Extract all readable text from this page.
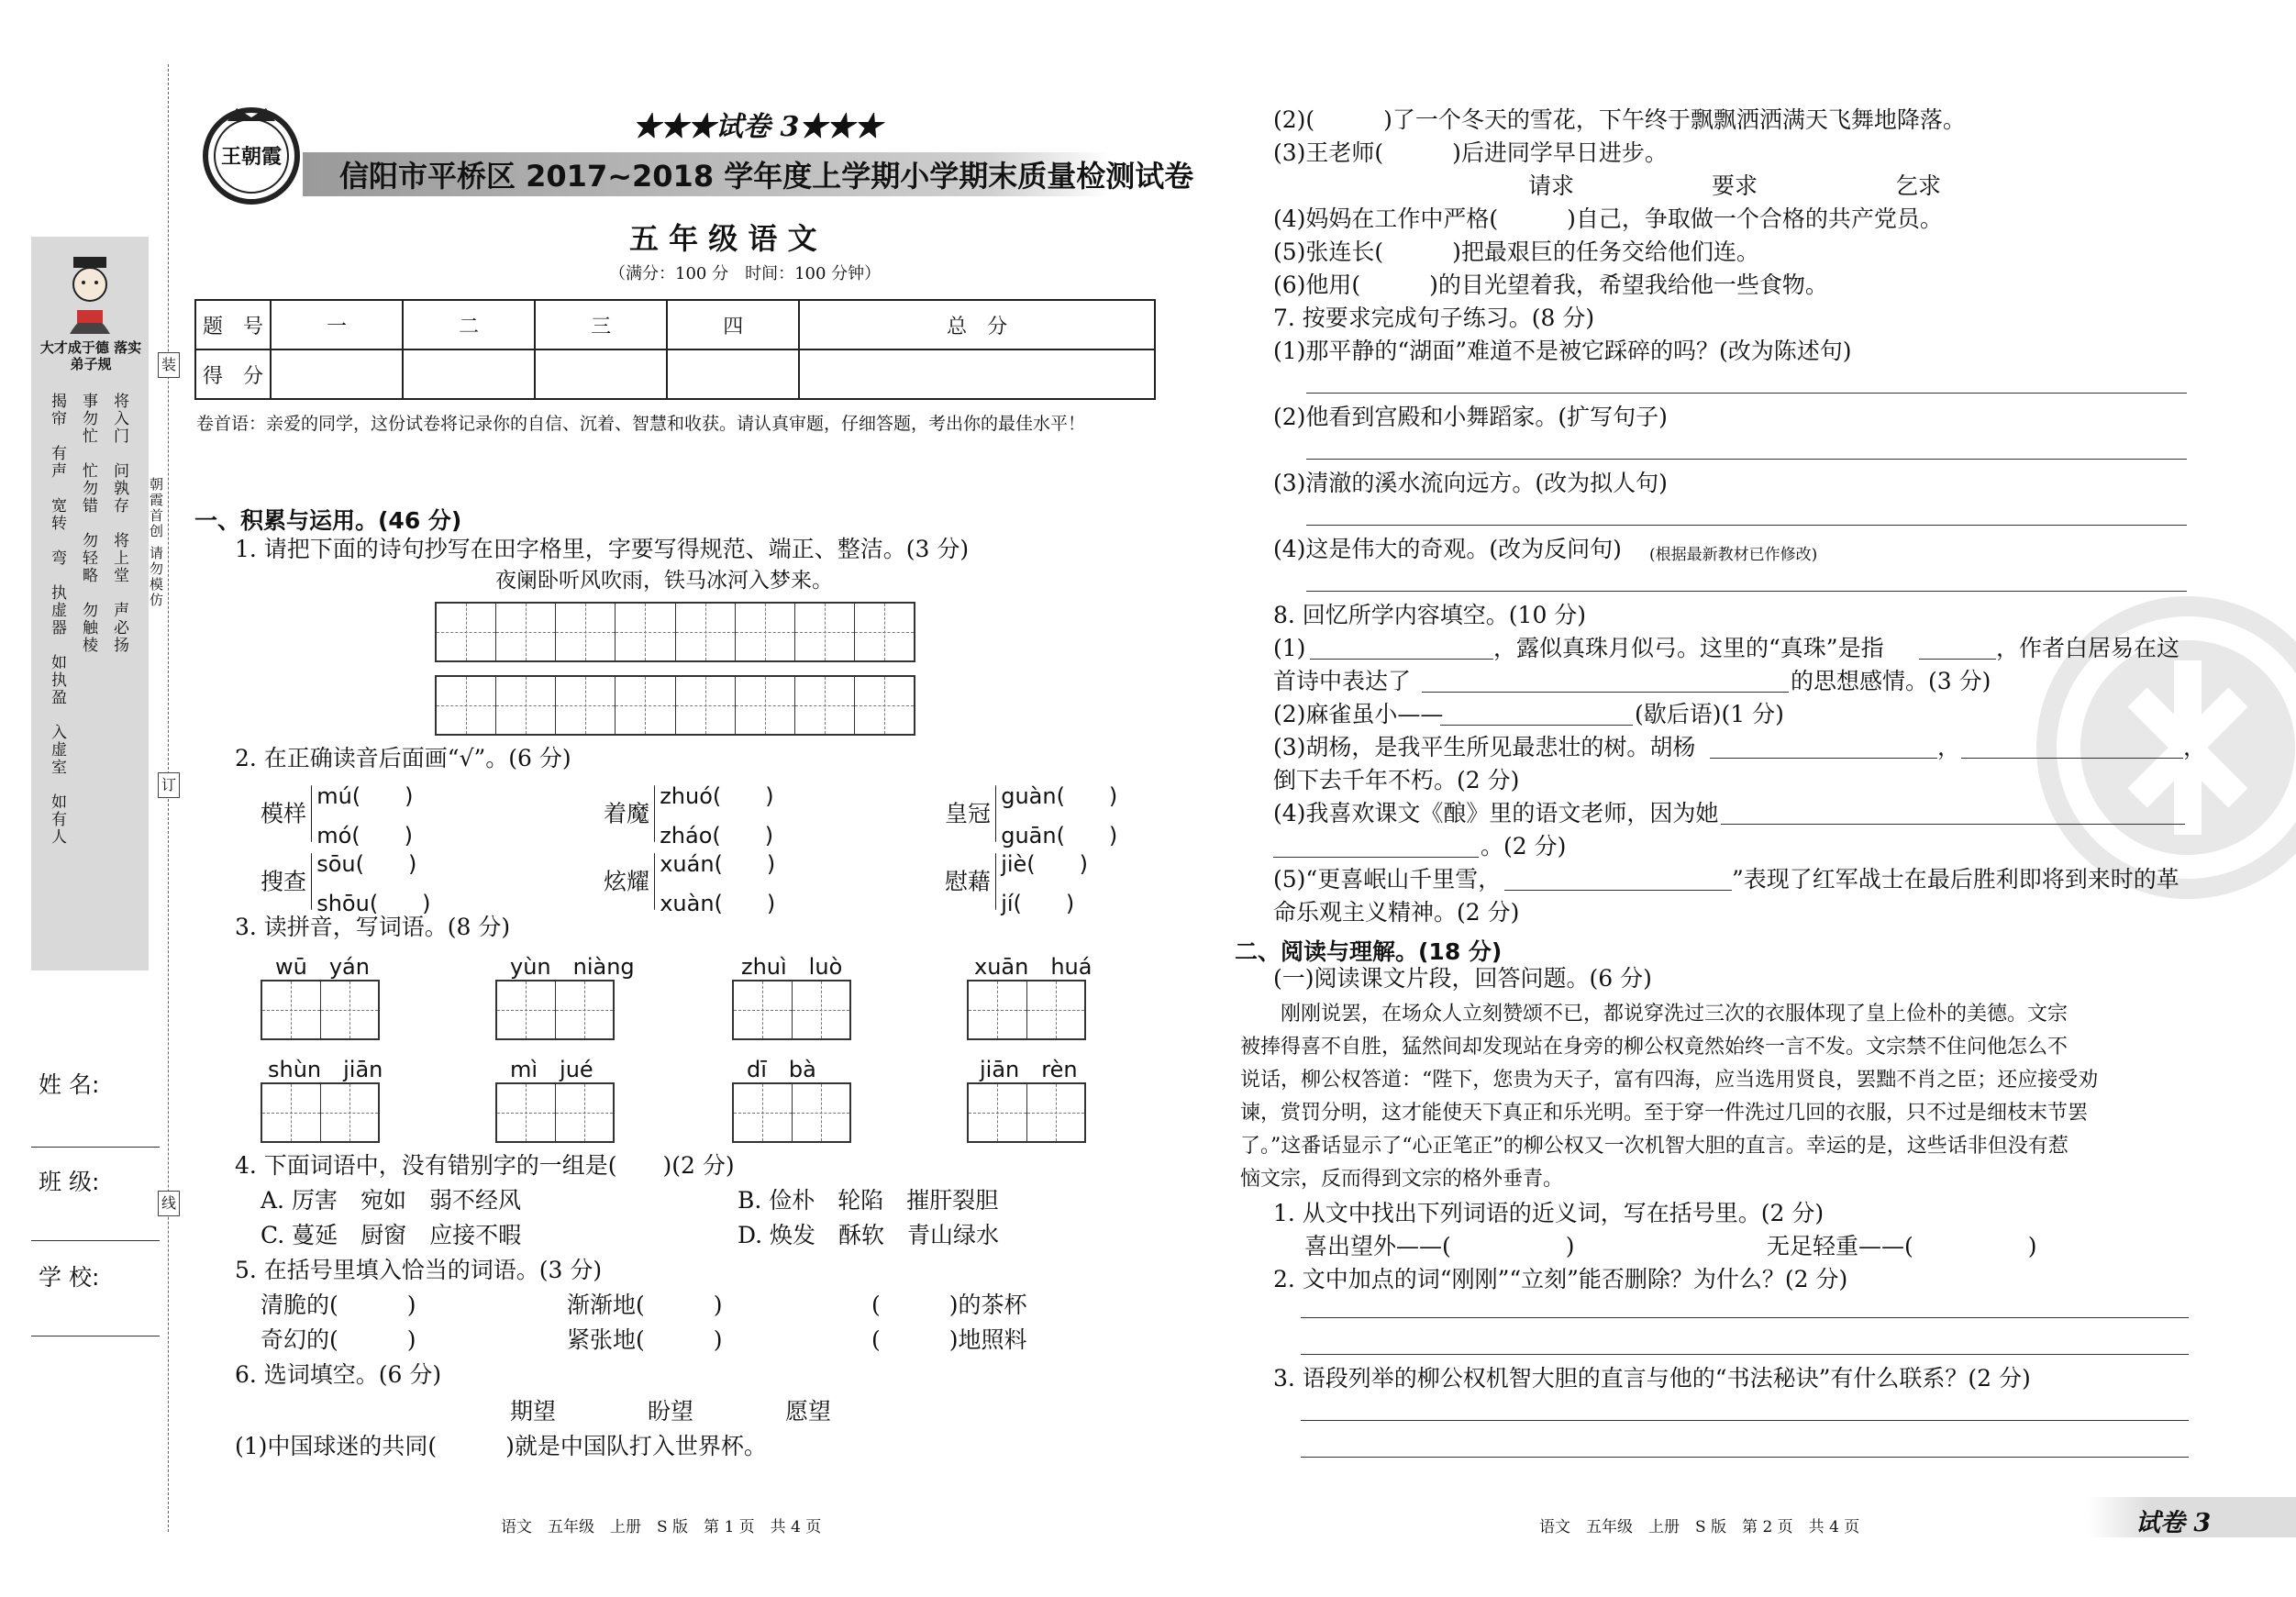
大才成于德 落实弟子规
将入门　问孰存　将上堂　声必扬
事勿忙　忙勿错　勿轻略　勿触棱
揭帘　有声　宽转　弯　执虚器　如执盈　入虚室　如有人
姓 名:
班 级:
学 校:
装
订
线
朝霞首创 请勿模仿
王朝霞
★★★试卷 3★★★
信阳市平桥区 2017~2018 学年度上学期小学期末质量检测试卷
五 年 级 语 文
（满分：100 分　时间：100 分钟）
题　号	一	二	三	四	总　分
得　分					
卷首语：亲爱的同学，这份试卷将记录你的自信、沉着、智慧和收获。请认真审题，仔细答题，考出你的最佳水平！
一、积累与运用。(46 分)
1. 请把下面的诗句抄写在田字格里，字要写得规范、端正、整洁。(3 分)
夜阑卧听风吹雨，铁马冰河入梦来。
2. 在正确读音后面画“√”。(6 分)
模样
mú(　　)
mó(　　)
着魔
zhuó(　　)
zháo(　　)
皇冠
guàn(　　)
guān(　　)
搜查
sōu(　　)
shōu(　　)
炫耀
xuán(　　)
xuàn(　　)
慰藉
jiè(　　)
jí(　　)
3. 读拼音，写词语。(8 分)
wū　yán	yùn　niàng	zhuì　luò	xuān　huá
shùn　jiān	mì　jué	dī　bà	jiān　rèn
4. 下面词语中，没有错别字的一组是(　　)(2 分)
A. 厉害　宛如　弱不经风	B. 俭朴　轮陷　摧肝裂胆
C. 蔓延　厨窗　应接不暇	D. 焕发　酥软　青山绿水
5. 在括号里填入恰当的词语。(3 分)
清脆的(　　　)	渐渐地(　　　)	(　　　)的茶杯
奇幻的(　　　)	紧张地(　　　)	(　　　)地照料
6. 选词填空。(6 分)
期望　　　　盼望　　　　愿望
(1)中国球迷的共同(　　　)就是中国队打入世界杯。
语文　五年级　上册　S 版　第 1 页　共 4 页
(2)(　　　)了一个冬天的雪花，下午终于飘飘洒洒满天飞舞地降落。
(3)王老师(　　　)后进同学早日进步。
请求　　　　　　要求　　　　　　乞求
(4)妈妈在工作中严格(　　　)自己，争取做一个合格的共产党员。
(5)张连长(　　　)把最艰巨的任务交给他们连。
(6)他用(　　　)的目光望着我，希望我给他一些食物。
7. 按要求完成句子练习。(8 分)
(1)那平静的“湖面”难道不是被它踩碎的吗？(改为陈述句)
(2)他看到宫殿和小舞蹈家。(扩写句子)
(3)清澈的溪水流向远方。(改为拟人句)
(4)这是伟大的奇观。(改为反问句) (根据最新教材已作修改)
8. 回忆所学内容填空。(10 分)
(1)	，露似真珠月似弓。这里的“真珠”是指	，作者白居易在这
首诗中表达了	的思想感情。(3 分)
(2)麻雀虽小——	(歇后语)(1 分)
(3)胡杨，是我平生所见最悲壮的树。胡杨	，	，
倒下去千年不朽。(2 分)
(4)我喜欢课文《酿》里的语文老师，因为她
。(2 分)
(5)“更喜岷山千里雪，	”表现了红军战士在最后胜利即将到来时的革
命乐观主义精神。(2 分)
二、阅读与理解。(18 分)
(一)阅读课文片段，回答问题。(6 分)
刚刚说罢，在场众人立刻赞颂不已，都说穿洗过三次的衣服体现了皇上俭朴的美德。文宗
被捧得喜不自胜，猛然间却发现站在身旁的柳公权竟然始终一言不发。文宗禁不住问他怎么不
说话，柳公权答道：“陛下，您贵为天子，富有四海，应当选用贤良，罢黜不肖之臣；还应接受劝
谏，赏罚分明，这才能使天下真正和乐光明。至于穿一件洗过几回的衣服，只不过是细枝末节罢
了。”这番话显示了“心正笔正”的柳公权又一次机智大胆的直言。幸运的是，这些话非但没有惹
恼文宗，反而得到文宗的格外垂青。
1. 从文中找出下列词语的近义词，写在括号里。(2 分)
喜出望外——(　　　　　)	无足轻重——(　　　　　)
2. 文中加点的词“刚刚”“立刻”能否删除？为什么？(2 分)
3. 语段列举的柳公权机智大胆的直言与他的“书法秘诀”有什么联系？(2 分)
语文　五年级　上册　S 版　第 2 页　共 4 页	试卷 3
